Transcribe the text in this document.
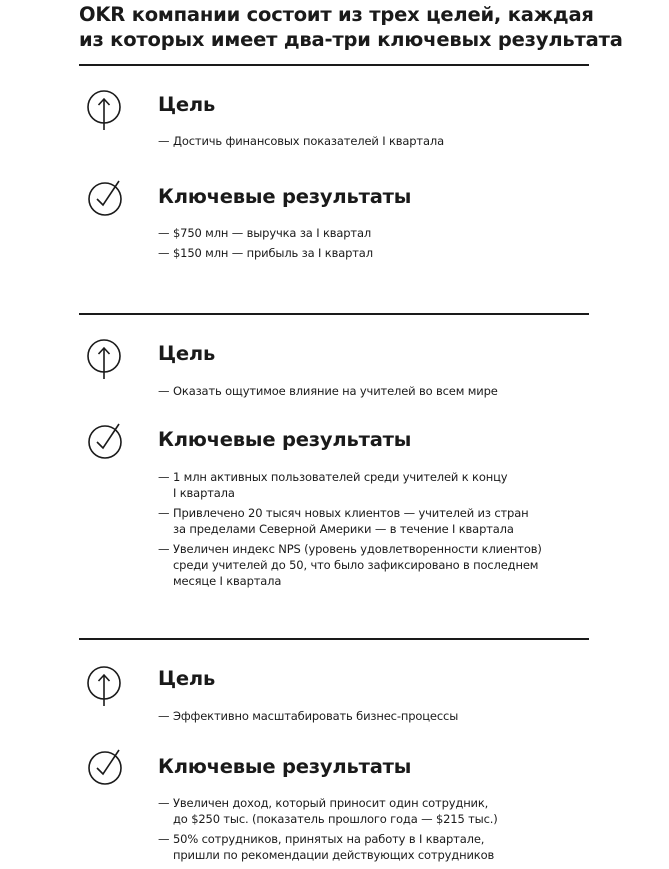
OKR компании состоит из трех целей, каждая
из которых имеет два-три ключевых результата
Цель
— Достичь финансовых показателей I квартала
Ключевые результаты
— $750 млн — выручка за I квартал
— $150 млн — прибыль за I квартал
Цель
— Оказать ощутимое влияние на учителей во всем мире
Ключевые результаты
— 1 млн активных пользователей среди учителей к концу
I квартала
— Привлечено 20 тысяч новых клиентов — учителей из стран
за пределами Северной Америки — в течение I квартала
— Увеличен индекс NPS (уровень удовлетворенности клиентов)
среди учителей до 50, что было зафиксировано в последнем
месяце I квартала
Цель
— Эффективно масштабировать бизнес-процессы
Ключевые результаты
— Увеличен доход, который приносит один сотрудник,
до $250 тыс. (показатель прошлого года — $215 тыс.)
— 50% сотрудников, принятых на работу в I квартале,
пришли по рекомендации действующих сотрудников
